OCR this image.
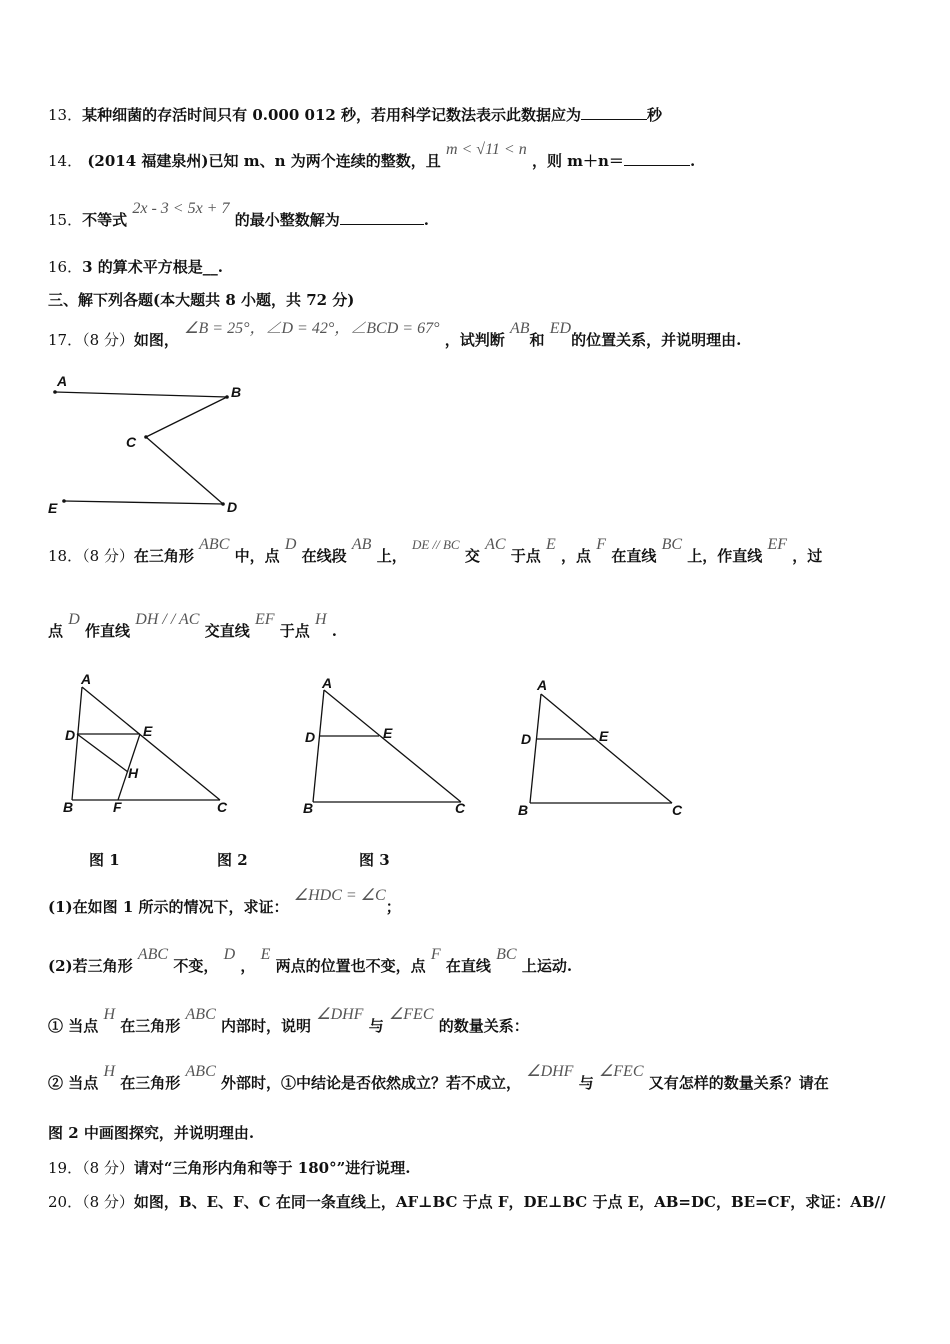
13．某种细菌的存活时间只有 0.000 012 秒，若用科学记数法表示此数据应为	秒
14． (2014 福建泉州)已知 m、n 为两个连续的整数，且 m < √11 < n ，则 m＋n＝	.
15．不等式 2x - 3 < 5x + 7 的最小整数解为	.
16．3 的算术平方根是__.
三、解下列各题(本大题共 8 小题，共 72 分)
17．（8 分）如图， ∠B = 25°，∠D = 42°，∠BCD = 67° ，试判断 AB和 ED的位置关系，并说明理由.
A
B
C
E	D
18．（8 分）在三角形 ABC 中，点 D 在线段 AB 上， DE // BC 交 AC 于点 E ，点 F 在直线 BC 上，作直线 EF ，过
点 D 作直线 DH / / AC 交直线 EF 于点 H .
A
D	E
H
B	F	C
A
D	E
B	C
A
D	E
B	C
图 1	图 2	图 3
(1)在如图 1 所示的情况下，求证： ∠HDC = ∠C；
(2)若三角形 ABC 不变， D ， E 两点的位置也不变，点 F 在直线 BC 上运动.
① 当点 H 在三角形 ABC 内部时，说明 ∠DHF 与 ∠FEC 的数量关系：
② 当点 H 在三角形 ABC 外部时，①中结论是否依然成立？若不成立， ∠DHF 与 ∠FEC 又有怎样的数量关系？请在
图 2 中画图探究，并说明理由.
19．（8 分）请对“三角形内角和等于 180°”进行说理.
20．（8 分）如图，B、E、F、C 在同一条直线上，AF⊥BC 于点 F，DE⊥BC 于点 E，AB=DC，BE=CF，求证：AB//
